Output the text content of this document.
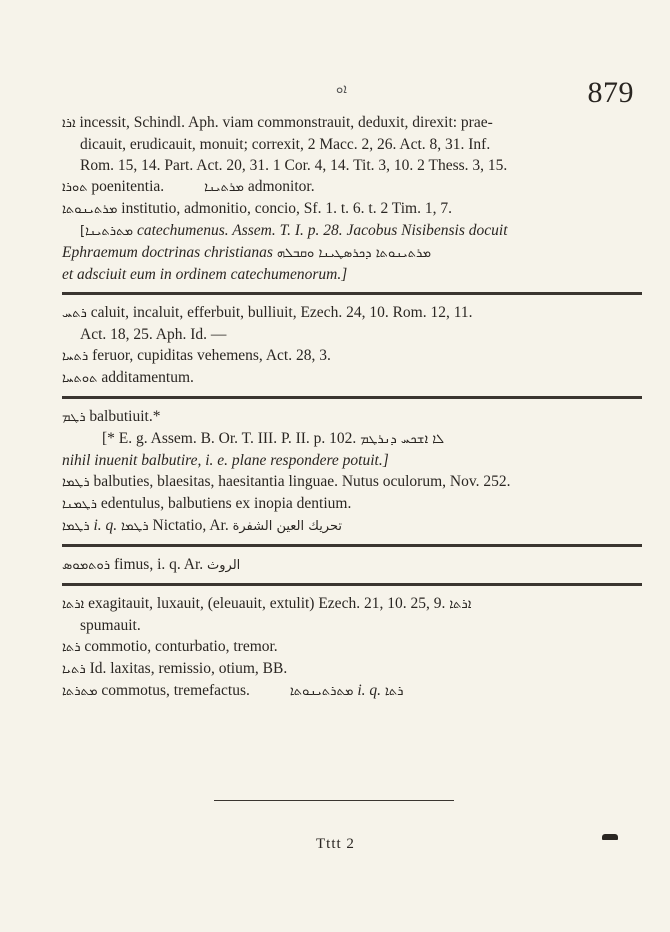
ܐܘ	879
ܐܪܐ incessit, Schindl. Aph. viam commonstrauit, deduxit, direxit: prae-
dicauit, erudicauit, monuit; correxit, 2 Macc. 2, 26. Act. 8, 31. Inf.
Rom. 15, 14. Part. Act. 20, 31. 1 Cor. 4, 14. Tit. 3, 10. 2 Thess. 3, 15.
ܬܘܪܐ poenitentia.	ܡܪܬܝܢܐ admonitor.
ܡܪܬܝܢܘܬܐ institutio, admonitio, concio, Sf. 1. t. 6. t. 2 Tim. 1, 7.
[ܡܬܪܬܝܢܐ catechumenus. Assem. T. I. p. 28. Jacobus Nisibensis docuit
Ephraemum doctrinas christianas ܡܪܬܝܢܘܬܐ ܕܟܪܣܛܝܢܐ ܘܩܒܠܗ
et adsciuit eum in ordinem catechumenorum.]
ܪܬܚ caluit, incaluit, efferbuit, bulliuit, Ezech. 24, 10. Rom. 12, 11.
Act. 18, 25. Aph. Id. —
ܪܬܚܐ feruor, cupiditas vehemens, Act. 28, 3.
ܬܘܬܚܐ additamentum.
ܪܛܡ balbutiuit.*
[* E. g. Assem. B. Or. T. III. P. II. p. 102. ܠܐ ܐܫܟܚ ܕܢܪܛܡ
nihil inuenit balbutire, i. e. plane respondere potuit.]
ܪܛܡܐ balbuties, blaesitas, haesitantia linguae. Nutus oculorum, Nov. 252.
ܪܛܡܢܐ edentulus, balbutiens ex inopia dentium.
ܪܛܡܐ i. q. ܪܛܡܐ Nictatio, Ar. تحريك العين الشفرة
ܪܘܬܡܘܣ fimus, i. q. Ar. الروث
ܐܪܬܐ exagitauit, luxauit, (eleuauit, extulit) Ezech. 21, 10. 25, 9. ܐܪܬܐ
spumauit.
ܪܬܐ commotio, conturbatio, tremor.
ܪܬܝܐ Id. laxitas, remissio, otium, BB.
ܡܬܪܬܐ commotus, tremefactus.	ܡܬܪܬܝܢܘܬܐ i. q. ܪܬܐ
Tttt 2
